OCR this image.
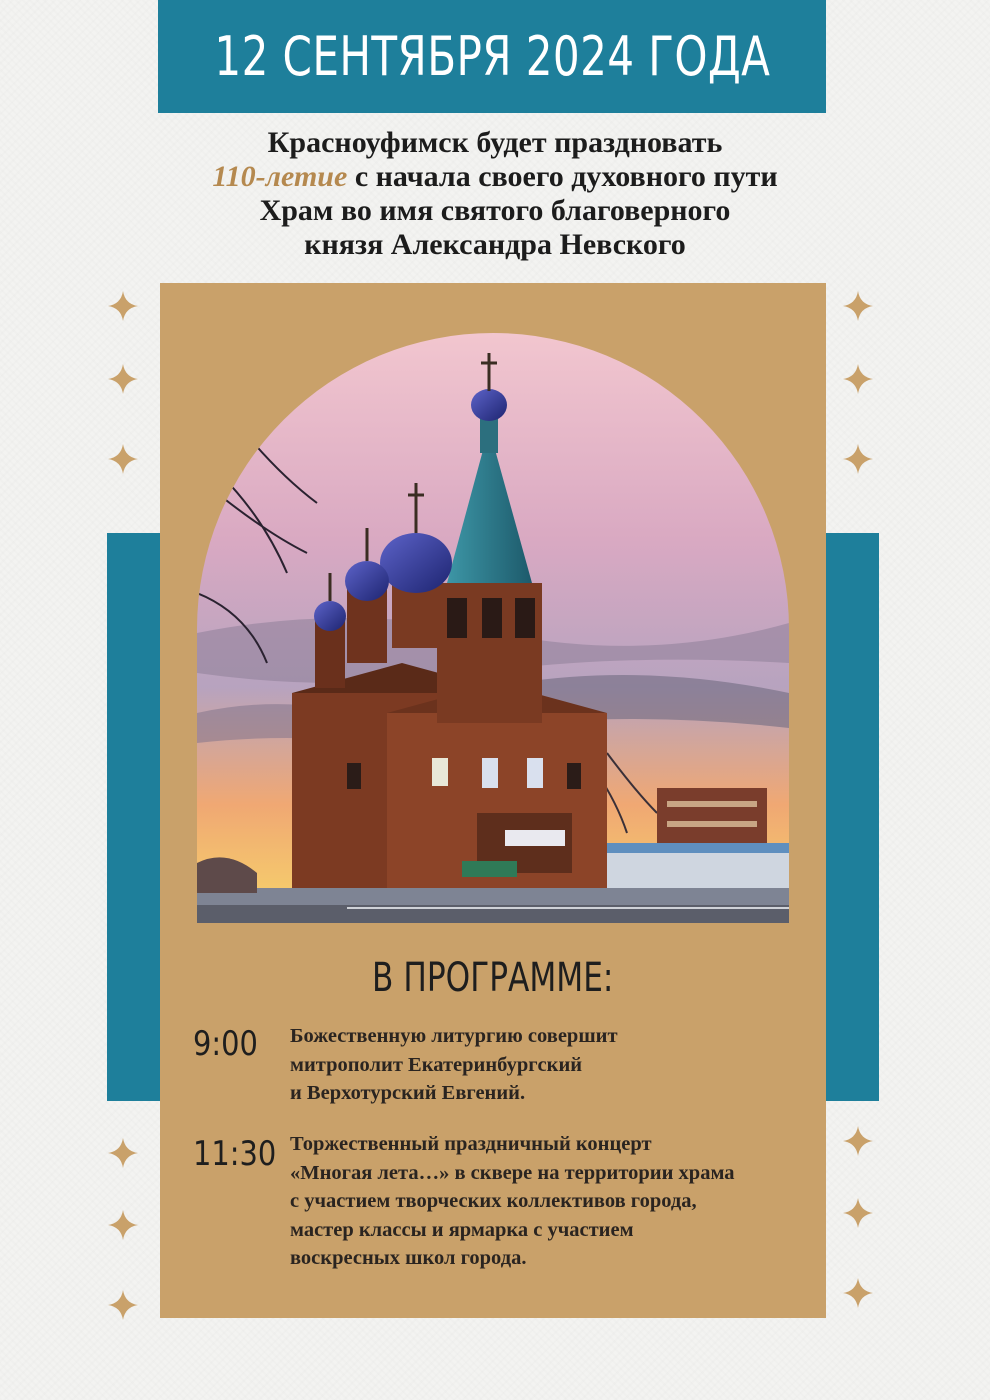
12 СЕНТЯБРЯ 2024 ГОДА
Красноуфимск будет праздновать
110-летие с начала своего духовного пути
Храм во имя святого благоверного
князя Александра Невского
В ПРОГРАММЕ:
9:00 Божественную литургию совершит
митрополит Екатеринбургский
и Верхотурский Евгений.
11:30 Торжественный праздничный концерт
«Многая лета…» в сквере на территории храма
с участием творческих коллективов города,
мастер классы и ярмарка с участием
воскресных школ города.
